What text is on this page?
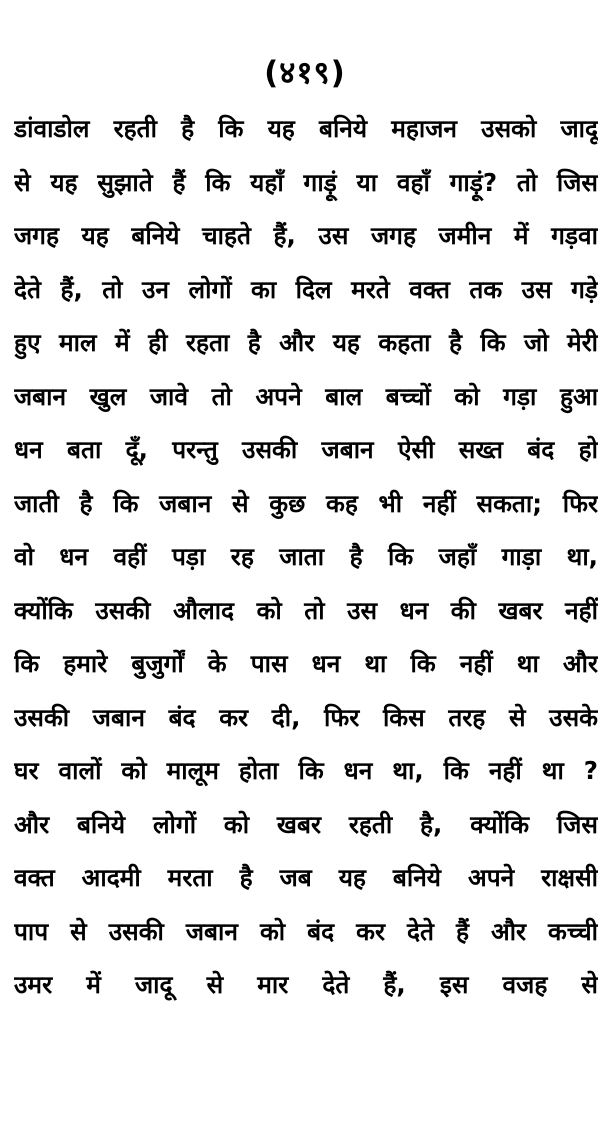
(४१९)
डांवाडोल रहती है कि यह बनिये महाजन उसको जादू
से यह सुझाते हैं कि यहाँ गाड़ूं या वहाँ गाड़ूं? तो जिस
जगह यह बनिये चाहते हैं, उस जगह जमीन में गड़वा
देते हैं, तो उन लोगों का दिल मरते वक्त तक उस गड़े
हुए माल में ही रहता है और यह कहता है कि जो मेरी
जबान खुल जावे तो अपने बाल बच्चों को गड़ा हुआ
धन बता दूँ, परन्तु उसकी जबान ऐसी सख्त बंद हो
जाती है कि जबान से कुछ कह भी नहीं सकता; फिर
वो धन वहीं पड़ा रह जाता है कि जहाँ गाड़ा था,
क्योंकि उसकी औलाद को तो उस धन की खबर नहीं
कि हमारे बुजुर्गों के पास धन था कि नहीं था और
उसकी जबान बंद कर दी, फिर किस तरह से उसके
घर वालों को मालूम होता कि धन था, कि नहीं था ?
और बनिये लोगों को खबर रहती है, क्योंकि जिस
वक्त आदमी मरता है जब यह बनिये अपने राक्षसी
पाप से उसकी जबान को बंद कर देते हैं और कच्ची
उमर में जादू से मार देते हैं, इस वजह से
